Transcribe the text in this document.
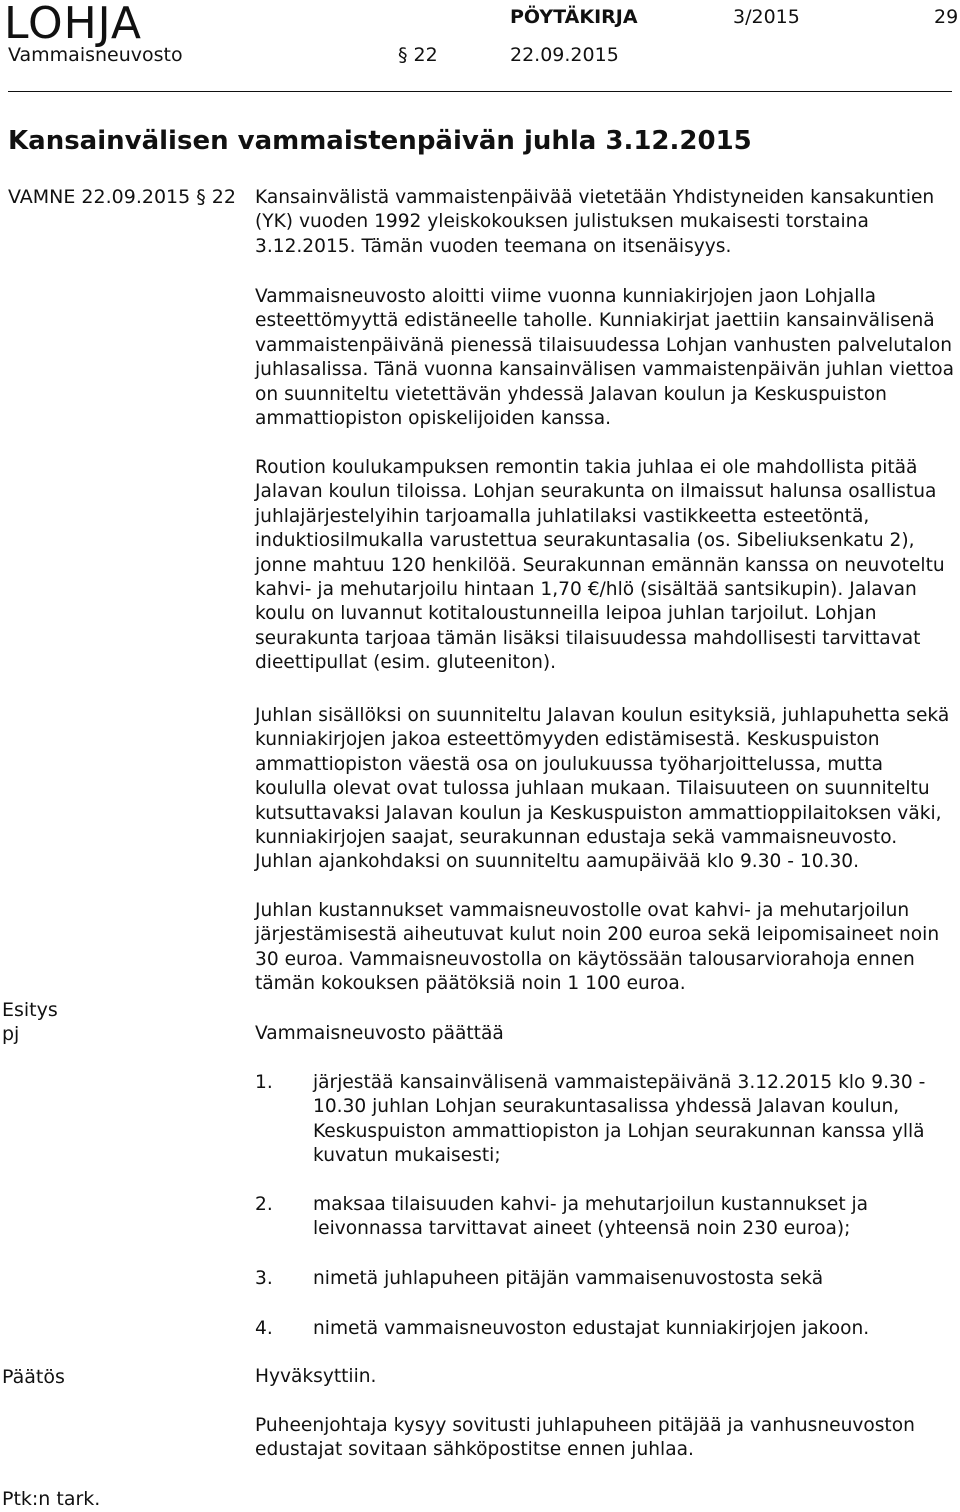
LOHJA	PÖYTÄKIRJA	3/2015	29
Vammaisneuvosto	§ 22	22.09.2015
Kansainvälisen vammaistenpäivän juhla 3.12.2015
VAMNE 22.09.2015 § 22 Kansainvälistä vammaistenpäivää vietetään Yhdistyneiden kansakuntien (YK) vuoden 1992 yleiskokouksen julistuksen mukaisesti torstaina 3.12.2015. Tämän vuoden teemana on itsenäisyys.

Vammaisneuvosto aloitti viime vuonna kunniakirjojen jaon Lohjalla esteettömyyttä edistäneelle taholle. Kunniakirjat jaettiin kansainvälisenä vammaistenpäivänä pienessä tilaisuudessa Lohjan vanhusten palvelutalon juhlasalissa. Tänä vuonna kansainvälisen vammaistenpäivän juhlan viettoa on suunniteltu vietettävän yhdessä Jalavan koulun ja Keskuspuiston ammattiopiston opiskelijoiden kanssa.

Roution koulukampuksen remontin takia juhlaa ei ole mahdollista pitää Jalavan koulun tiloissa. Lohjan seurakunta on ilmaissut halunsa osallistua juhlajärjestelyihin tarjoamalla juhlatilaksi vastikkeetta esteetöntä, induktiosilmukalla varustettua seurakuntasalia (os. Sibeliuksenkatu 2), jonne mahtuu 120 henkilöä. Seurakunnan emännän kanssa on neuvoteltu kahvi- ja mehutarjoilu hintaan 1,70 €/hlö (sisältää santsikupin). Jalavan koulu on luvannut kotitaloustunneilla leipoa juhlan tarjoilut. Lohjan seurakunta tarjoaa tämän lisäksi tilaisuudessa mahdollisesti tarvittavat dieettipullat (esim. gluteeniton).

Juhlan sisällöksi on suunniteltu Jalavan koulun esityksiä, juhlapuhetta sekä kunniakirjojen jakoa esteettömyyden edistämisestä. Keskuspuiston ammattiopiston väestä osa on joulukuussa työharjoittelussa, mutta koululla olevat ovat tulossa juhlaan mukaan. Tilaisuuteen on suunniteltu kutsuttavaksi Jalavan koulun ja Keskuspuiston ammattioppilaitoksen väki, kunniakirjojen saajat, seurakunnan edustaja sekä vammaisneuvosto. Juhlan ajankohdaksi on suunniteltu aamupäivää klo 9.30 - 10.30.

Juhlan kustannukset vammaisneuvostolle ovat kahvi- ja mehutarjoilun järjestämisestä aiheutuvat kulut noin 200 euroa sekä leipomisaineet noin 30 euroa. Vammaisneuvostolla on käytössään talousarviorahoja ennen tämän kokouksen päätöksiä noin 1 100 euroa.

Esitys
pj	Vammaisneuvosto päättää

1. järjestää kansainvälisenä vammaistepäivänä 3.12.2015 klo 9.30 - 10.30 juhlan Lohjan seurakuntasalissa yhdessä Jalavan koulun, Keskuspuiston ammattiopiston ja Lohjan seurakunnan kanssa yllä kuvatun mukaisesti;
2. maksaa tilaisuuden kahvi- ja mehutarjoilun kustannukset ja leivonnassa tarvittavat aineet (yhteensä noin 230 euroa);
3. nimetä juhlapuheen pitäjän vammaisenuvostosta sekä
4. nimetä vammaisneuvoston edustajat kunniakirjojen jakoon.
Päätös	Hyväksyttiin.

Puheenjohtaja kysyy sovitusti juhlapuheen pitäjää ja vanhusneuvoston edustajat sovitaan sähköpostitse ennen juhlaa.

Ptk:n tark.
